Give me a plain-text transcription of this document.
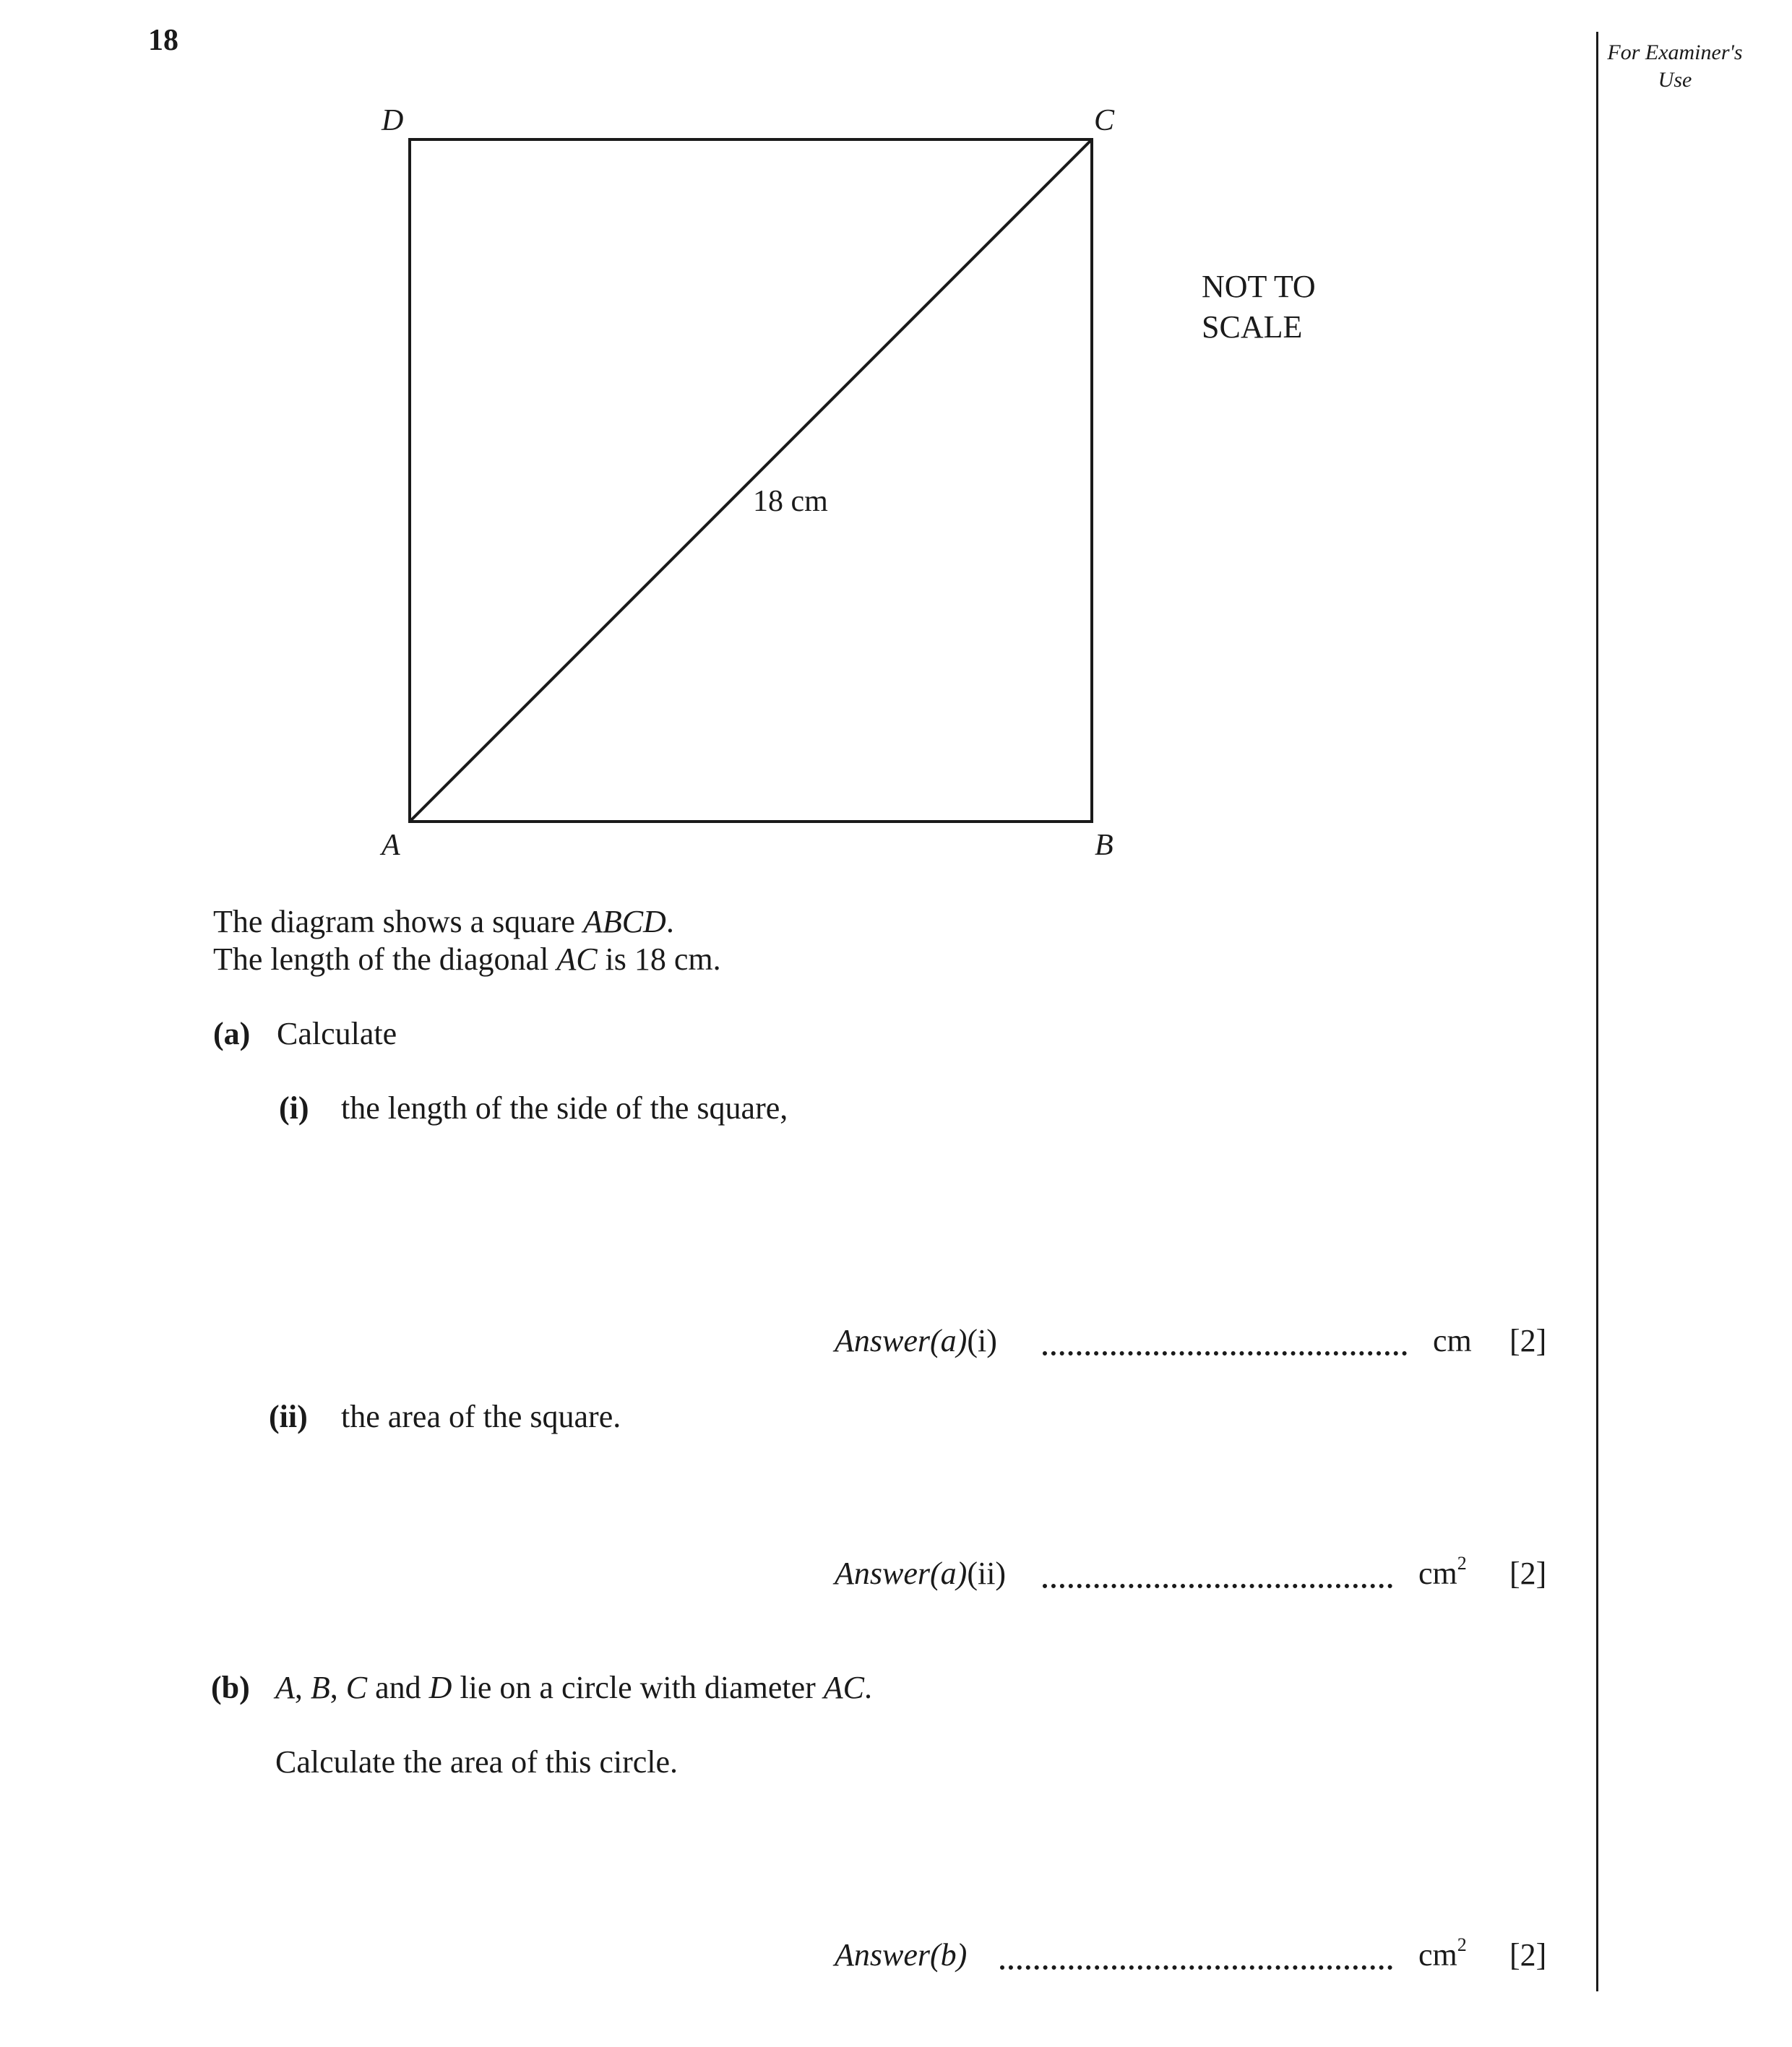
18	For Examiner's Use
D	C
A	B
18 cm
NOT TO
SCALE
The diagram shows a square ABCD.
The length of the diagonal AC is 18 cm.
(a) Calculate
(i) the length of the side of the square,
Answer(a)(i)	cm [2]
(ii) the area of the square.
Answer(a)(ii)	$cm^2$ [2]
(b) A, B, C and D lie on a circle with diameter AC.
Calculate the area of this circle.
Answer(b)	$cm^2$ [2]
